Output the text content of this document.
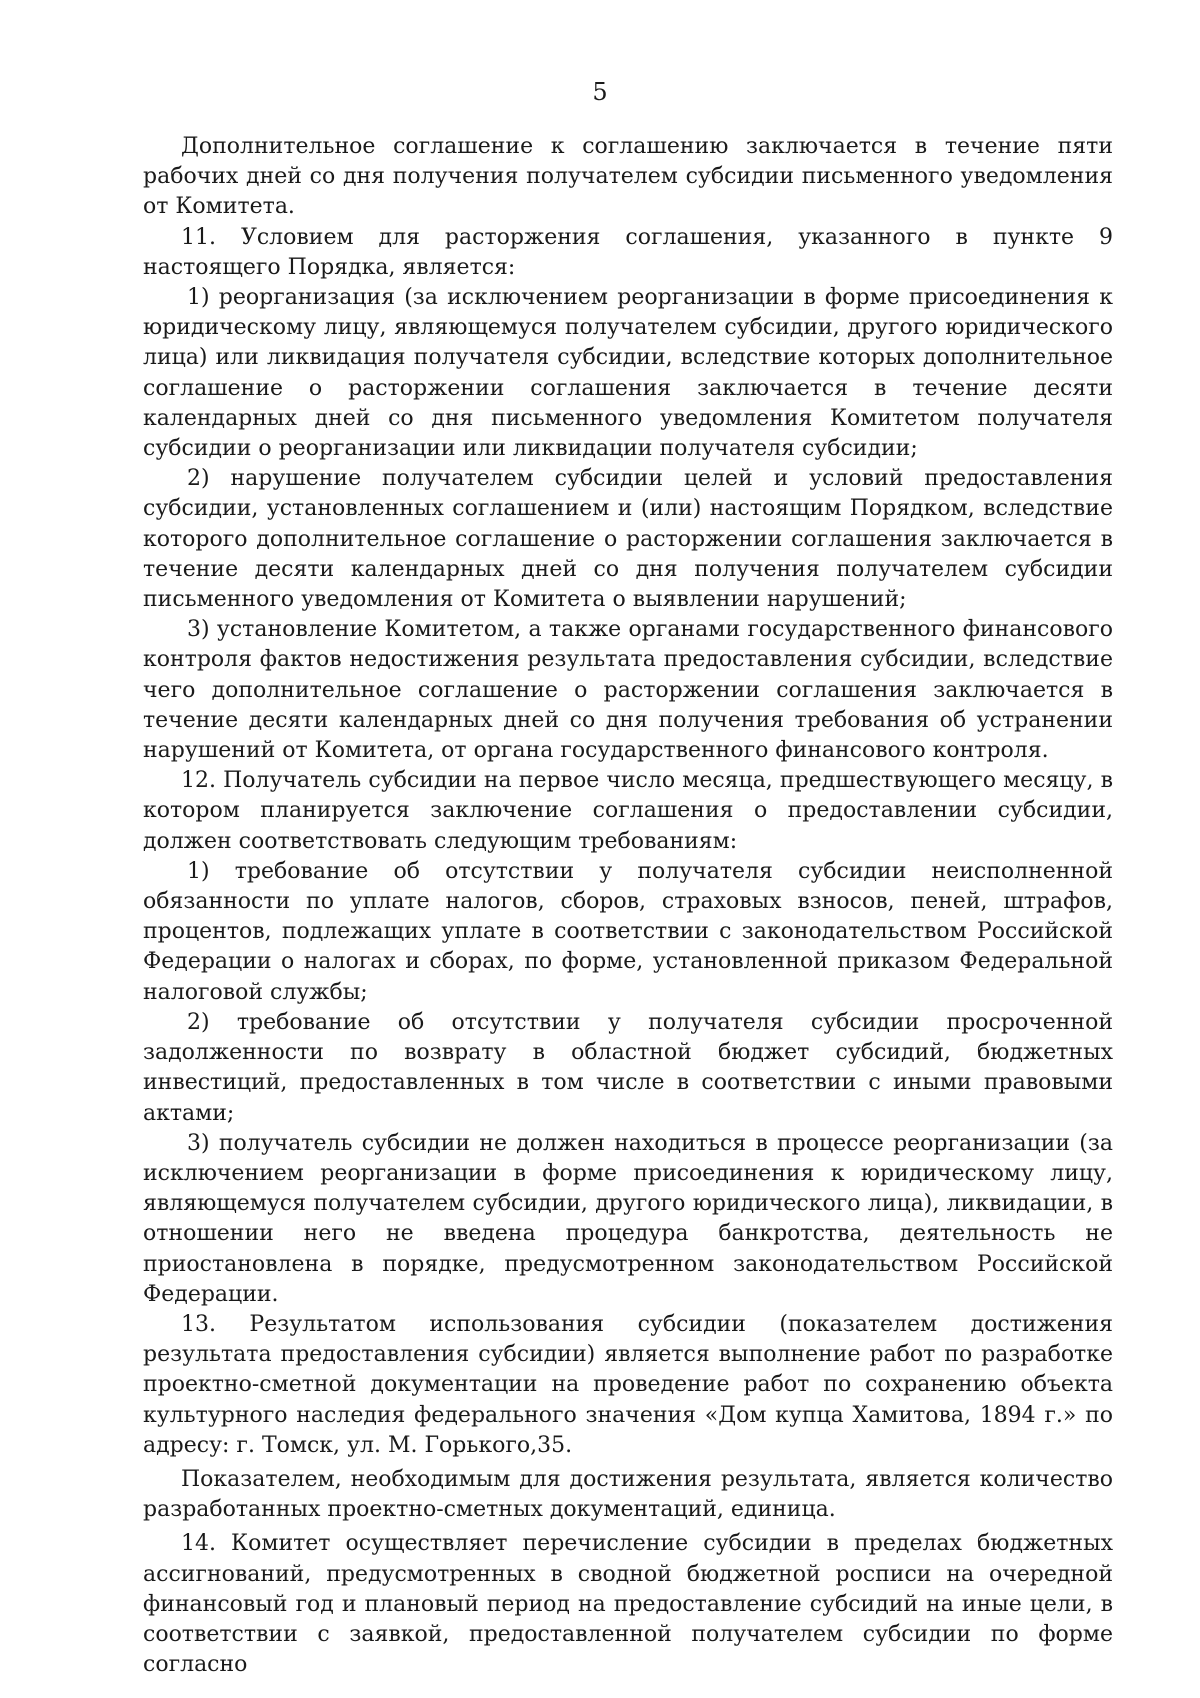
5

Дополнительное соглашение к соглашению заключается в течение пяти рабочих дней со дня получения получателем субсидии письменного уведомления от Комитета.

11. Условием для расторжения соглашения, указанного в пункте 9 настоящего Порядка, является:

1) реорганизация (за исключением реорганизации в форме присоединения к юридическому лицу, являющемуся получателем субсидии, другого юридического лица) или ликвидация получателя субсидии, вследствие которых дополнительное соглашение о расторжении соглашения заключается в течение десяти календарных дней со дня письменного уведомления Комитетом получателя субсидии о реорганизации или ликвидации получателя субсидии;

2) нарушение получателем субсидии целей и условий предоставления субсидии, установленных соглашением и (или) настоящим Порядком, вследствие которого дополнительное соглашение о расторжении соглашения заключается в течение десяти календарных дней со дня получения получателем субсидии письменного уведомления от Комитета о выявлении нарушений;

3) установление Комитетом, а также органами государственного финансового контроля фактов недостижения результата предоставления субсидии, вследствие чего дополнительное соглашение о расторжении соглашения заключается в течение десяти календарных дней со дня получения требования об устранении нарушений от Комитета, от органа государственного финансового контроля.

12. Получатель субсидии на первое число месяца, предшествующего месяцу, в котором планируется заключение соглашения о предоставлении субсидии, должен соответствовать следующим требованиям:

1) требование об отсутствии у получателя субсидии неисполненной обязанности по уплате налогов, сборов, страховых взносов, пеней, штрафов, процентов, подлежащих уплате в соответствии с законодательством Российской Федерации о налогах и сборах, по форме, установленной приказом Федеральной налоговой службы;

2) требование об отсутствии у получателя субсидии просроченной задолженности по возврату в областной бюджет субсидий, бюджетных инвестиций, предоставленных в том числе в соответствии с иными правовыми актами;

3) получатель субсидии не должен находиться в процессе реорганизации (за исключением реорганизации в форме присоединения к юридическому лицу, являющемуся получателем субсидии, другого юридического лица), ликвидации, в отношении него не введена процедура банкротства, деятельность не приостановлена в порядке, предусмотренном законодательством Российской Федерации.

13. Результатом использования субсидии (показателем достижения результата предоставления субсидии) является выполнение работ по разработке проектно-сметной документации на проведение работ по сохранению объекта культурного наследия федерального значения «Дом купца Хамитова, 1894 г.» по адресу: г. Томск, ул. М. Горького,35.

Показателем, необходимым для достижения результата, является количество разработанных проектно-сметных документаций, единица.

14. Комитет осуществляет перечисление субсидии в пределах бюджетных ассигнований, предусмотренных в сводной бюджетной росписи на очередной финансовый год и плановый период на предоставление субсидий на иные цели, в соответствии с заявкой, предоставленной получателем субсидии по форме согласно
